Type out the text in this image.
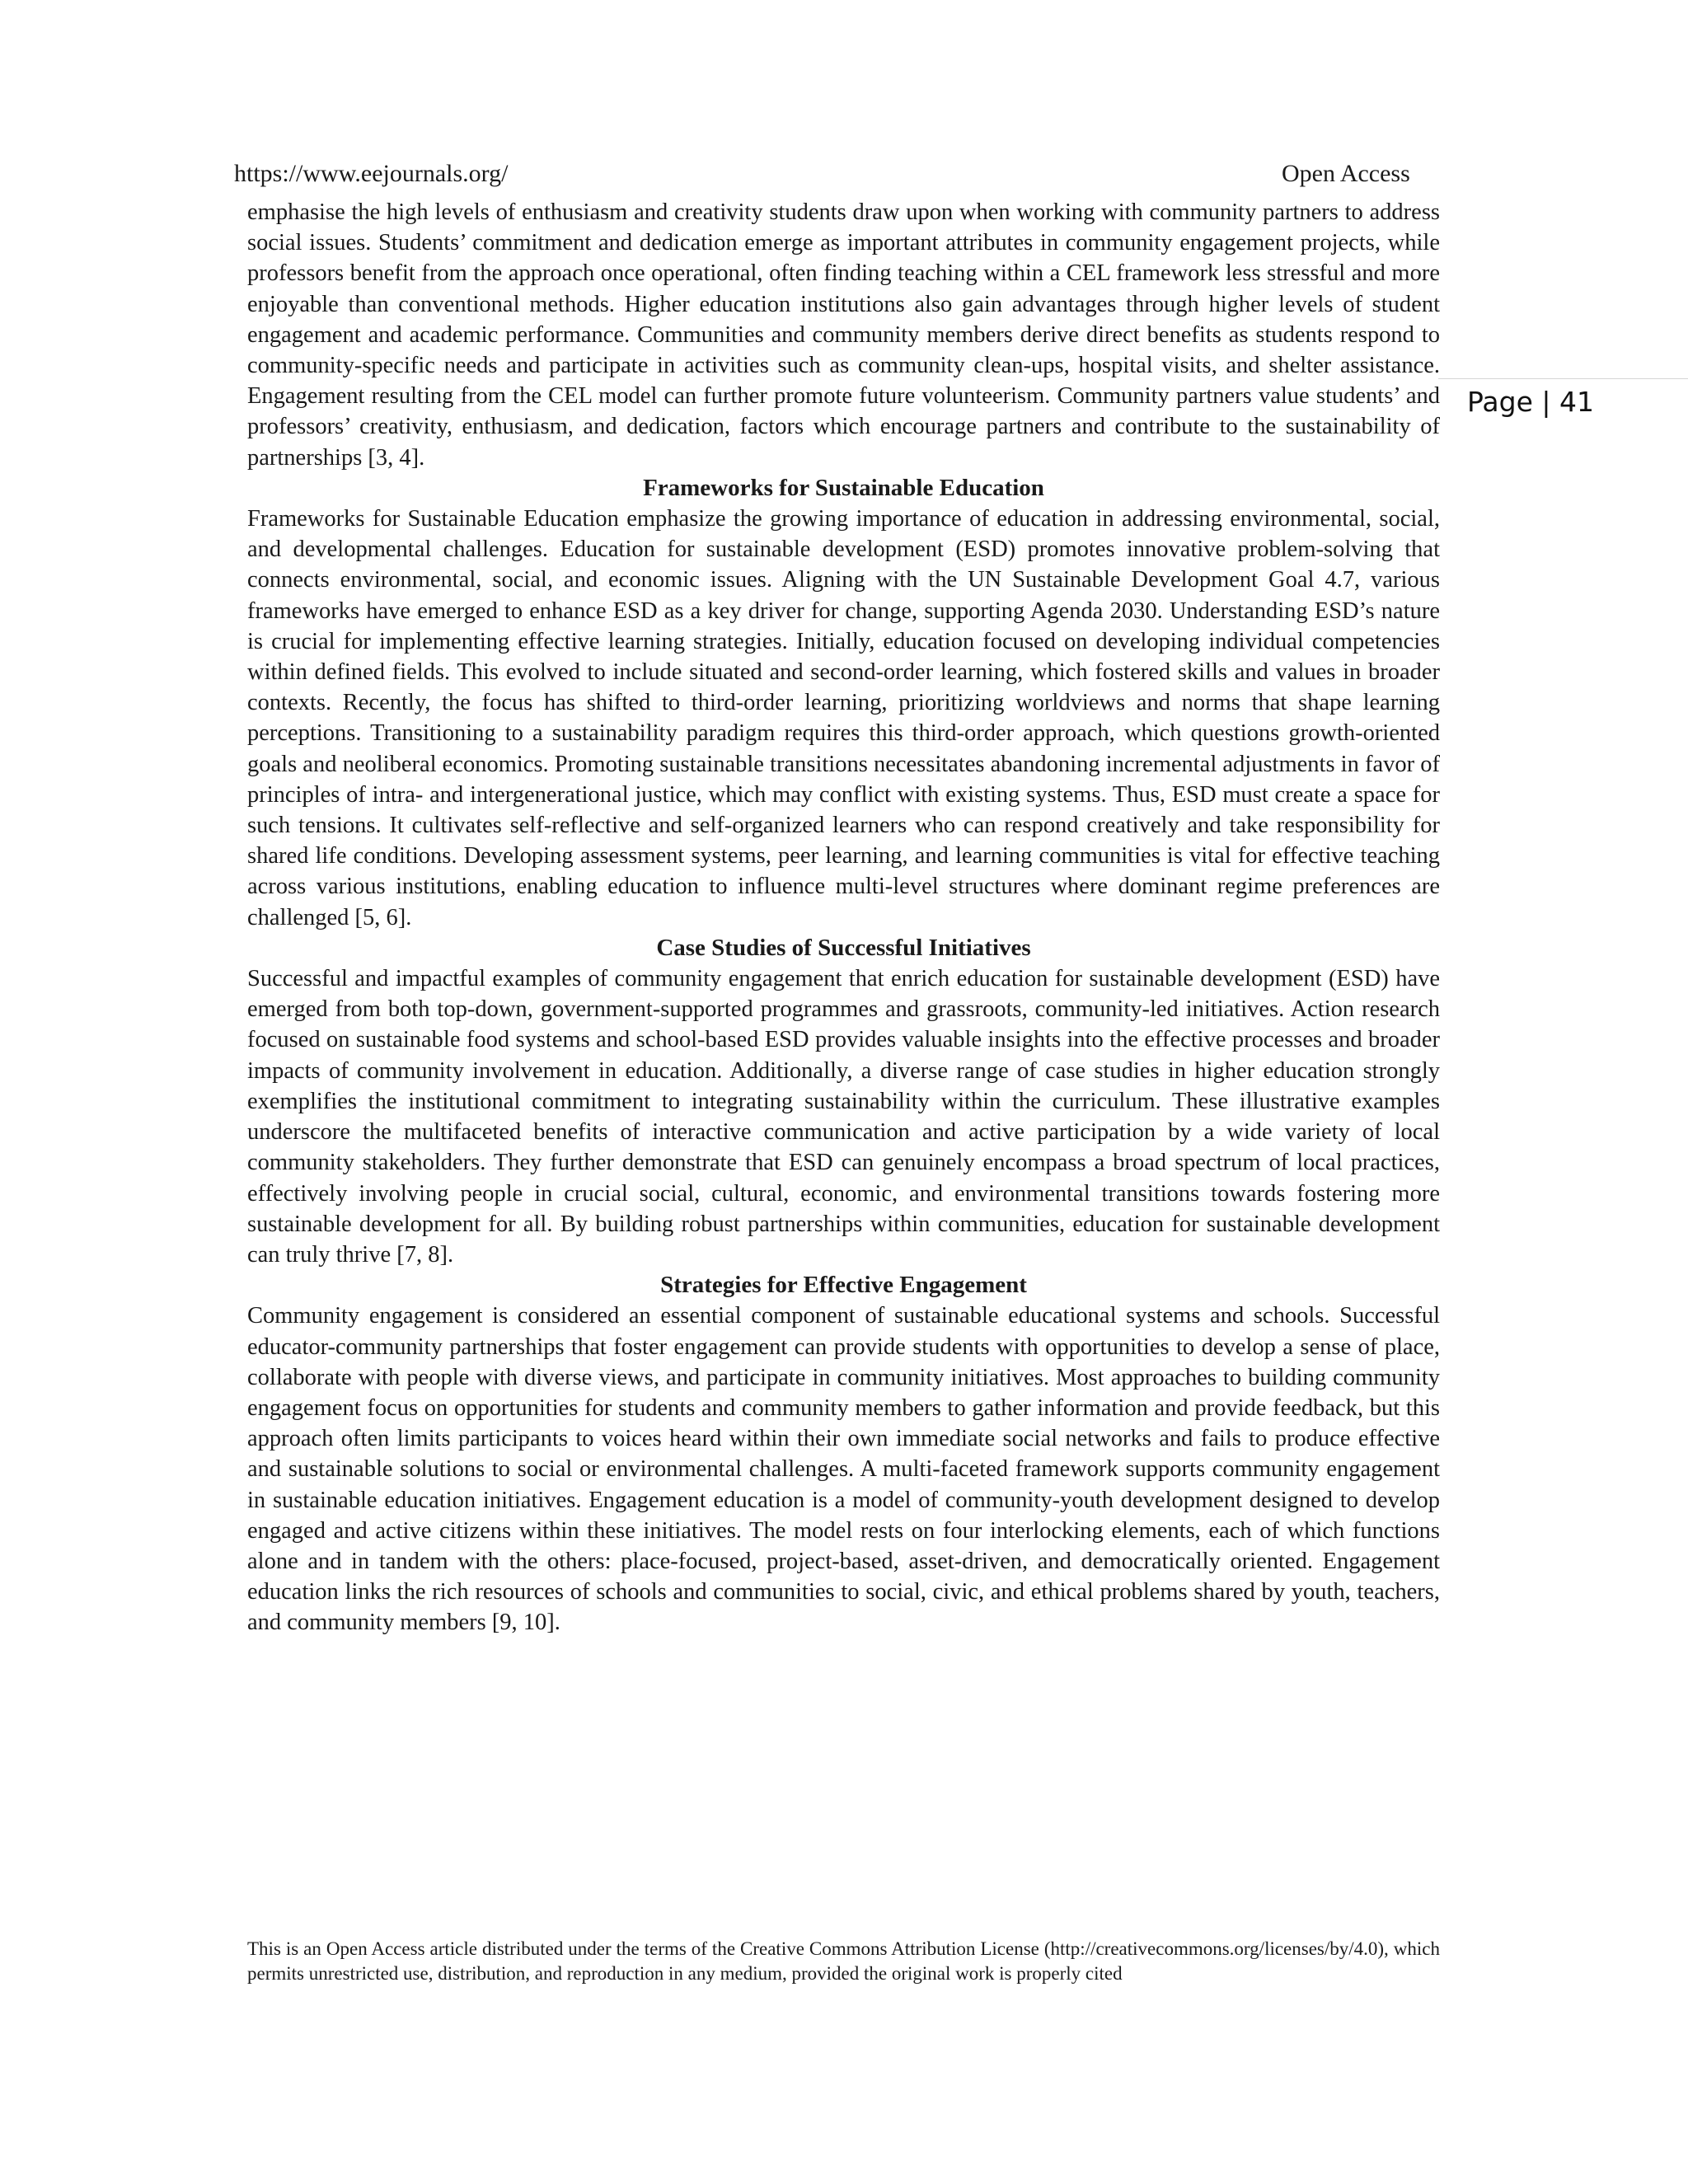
https://www.eejournals.org/	Open Access
Page | 41

emphasise the high levels of enthusiasm and creativity students draw upon when working with community partners to address social issues. Students’ commitment and dedication emerge as important attributes in community engagement projects, while professors benefit from the approach once operational, often finding teaching within a CEL framework less stressful and more enjoyable than conventional methods. Higher education institutions also gain advantages through higher levels of student engagement and academic performance. Communities and community members derive direct benefits as students respond to community-specific needs and participate in activities such as community clean-ups, hospital visits, and shelter assistance. Engagement resulting from the CEL model can further promote future volunteerism. Community partners value students’ and professors’ creativity, enthusiasm, and dedication, factors which encourage partners and contribute to the sustainability of partnerships [3, 4].

Frameworks for Sustainable Education

Frameworks for Sustainable Education emphasize the growing importance of education in addressing environmental, social, and developmental challenges. Education for sustainable development (ESD) promotes innovative problem-solving that connects environmental, social, and economic issues. Aligning with the UN Sustainable Development Goal 4.7, various frameworks have emerged to enhance ESD as a key driver for change, supporting Agenda 2030. Understanding ESD’s nature is crucial for implementing effective learning strategies. Initially, education focused on developing individual competencies within defined fields. This evolved to include situated and second-order learning, which fostered skills and values in broader contexts. Recently, the focus has shifted to third-order learning, prioritizing worldviews and norms that shape learning perceptions. Transitioning to a sustainability paradigm requires this third-order approach, which questions growth-oriented goals and neoliberal economics. Promoting sustainable transitions necessitates abandoning incremental adjustments in favor of principles of intra- and intergenerational justice, which may conflict with existing systems. Thus, ESD must create a space for such tensions. It cultivates self-reflective and self-organized learners who can respond creatively and take responsibility for shared life conditions. Developing assessment systems, peer learning, and learning communities is vital for effective teaching across various institutions, enabling education to influence multi-level structures where dominant regime preferences are challenged [5, 6].

Case Studies of Successful Initiatives

Successful and impactful examples of community engagement that enrich education for sustainable development (ESD) have emerged from both top-down, government-supported programmes and grassroots, community-led initiatives. Action research focused on sustainable food systems and school-based ESD provides valuable insights into the effective processes and broader impacts of community involvement in education. Additionally, a diverse range of case studies in higher education strongly exemplifies the institutional commitment to integrating sustainability within the curriculum. These illustrative examples underscore the multifaceted benefits of interactive communication and active participation by a wide variety of local community stakeholders. They further demonstrate that ESD can genuinely encompass a broad spectrum of local practices, effectively involving people in crucial social, cultural, economic, and environmental transitions towards fostering more sustainable development for all. By building robust partnerships within communities, education for sustainable development can truly thrive [7, 8].

Strategies for Effective Engagement

Community engagement is considered an essential component of sustainable educational systems and schools. Successful educator-community partnerships that foster engagement can provide students with opportunities to develop a sense of place, collaborate with people with diverse views, and participate in community initiatives. Most approaches to building community engagement focus on opportunities for students and community members to gather information and provide feedback, but this approach often limits participants to voices heard within their own immediate social networks and fails to produce effective and sustainable solutions to social or environmental challenges. A multi-faceted framework supports community engagement in sustainable education initiatives. Engagement education is a model of community-youth development designed to develop engaged and active citizens within these initiatives. The model rests on four interlocking elements, each of which functions alone and in tandem with the others: place-focused, project-based, asset-driven, and democratically oriented. Engagement education links the rich resources of schools and communities to social, civic, and ethical problems shared by youth, teachers, and community members [9, 10].

This is an Open Access article distributed under the terms of the Creative Commons Attribution License (http://creativecommons.org/licenses/by/4.0), which permits unrestricted use, distribution, and reproduction in any medium, provided the original work is properly cited
